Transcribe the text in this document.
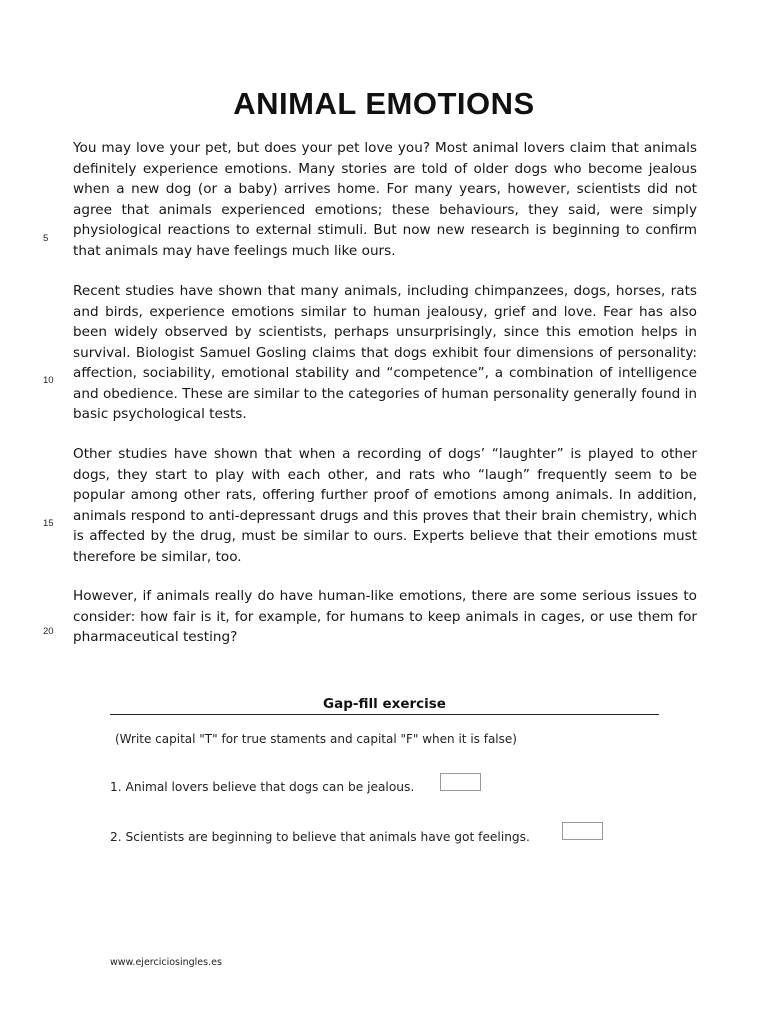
ANIMAL EMOTIONS

You may love your pet, but does your pet love you? Most animal lovers claim that animals definitely experience emotions. Many stories are told of older dogs who become jealous when a new dog (or a baby) arrives home. For many years, however, scientists did not agree that animals experienced emotions; these behaviours, they said, were simply physiological reactions to external stimuli. But now new research is beginning to confirm that animals may have feelings much like ours.

Recent studies have shown that many animals, including chimpanzees, dogs, horses, rats and birds, experience emotions similar to human jealousy, grief and love. Fear has also been widely observed by scientists, perhaps unsurprisingly, since this emotion helps in survival. Biologist Samuel Gosling claims that dogs exhibit four dimensions of personality: affection, sociability, emotional stability and “competence”, a combination of intelligence and obedience. These are similar to the categories of human personality generally found in basic psychological tests.

Other studies have shown that when a recording of dogs’ “laughter” is played to other dogs, they start to play with each other, and rats who “laugh” frequently seem to be popular among other rats, offering further proof of emotions among animals. In addition, animals respond to anti-depressant drugs and this proves that their brain chemistry, which is affected by the drug, must be similar to ours. Experts believe that their emotions must therefore be similar, too.

However, if animals really do have human-like emotions, there are some serious issues to consider: how fair is it, for example, for humans to keep animals in cages, or use them for pharmaceutical testing?

5
10
15
20
Gap-fill exercise
(Write capital "T" for true staments and capital "F" when it is false)
1. Animal lovers believe that dogs can be jealous.
2. Scientists are beginning to believe that animals have got feelings.
www.ejerciciosingles.es
